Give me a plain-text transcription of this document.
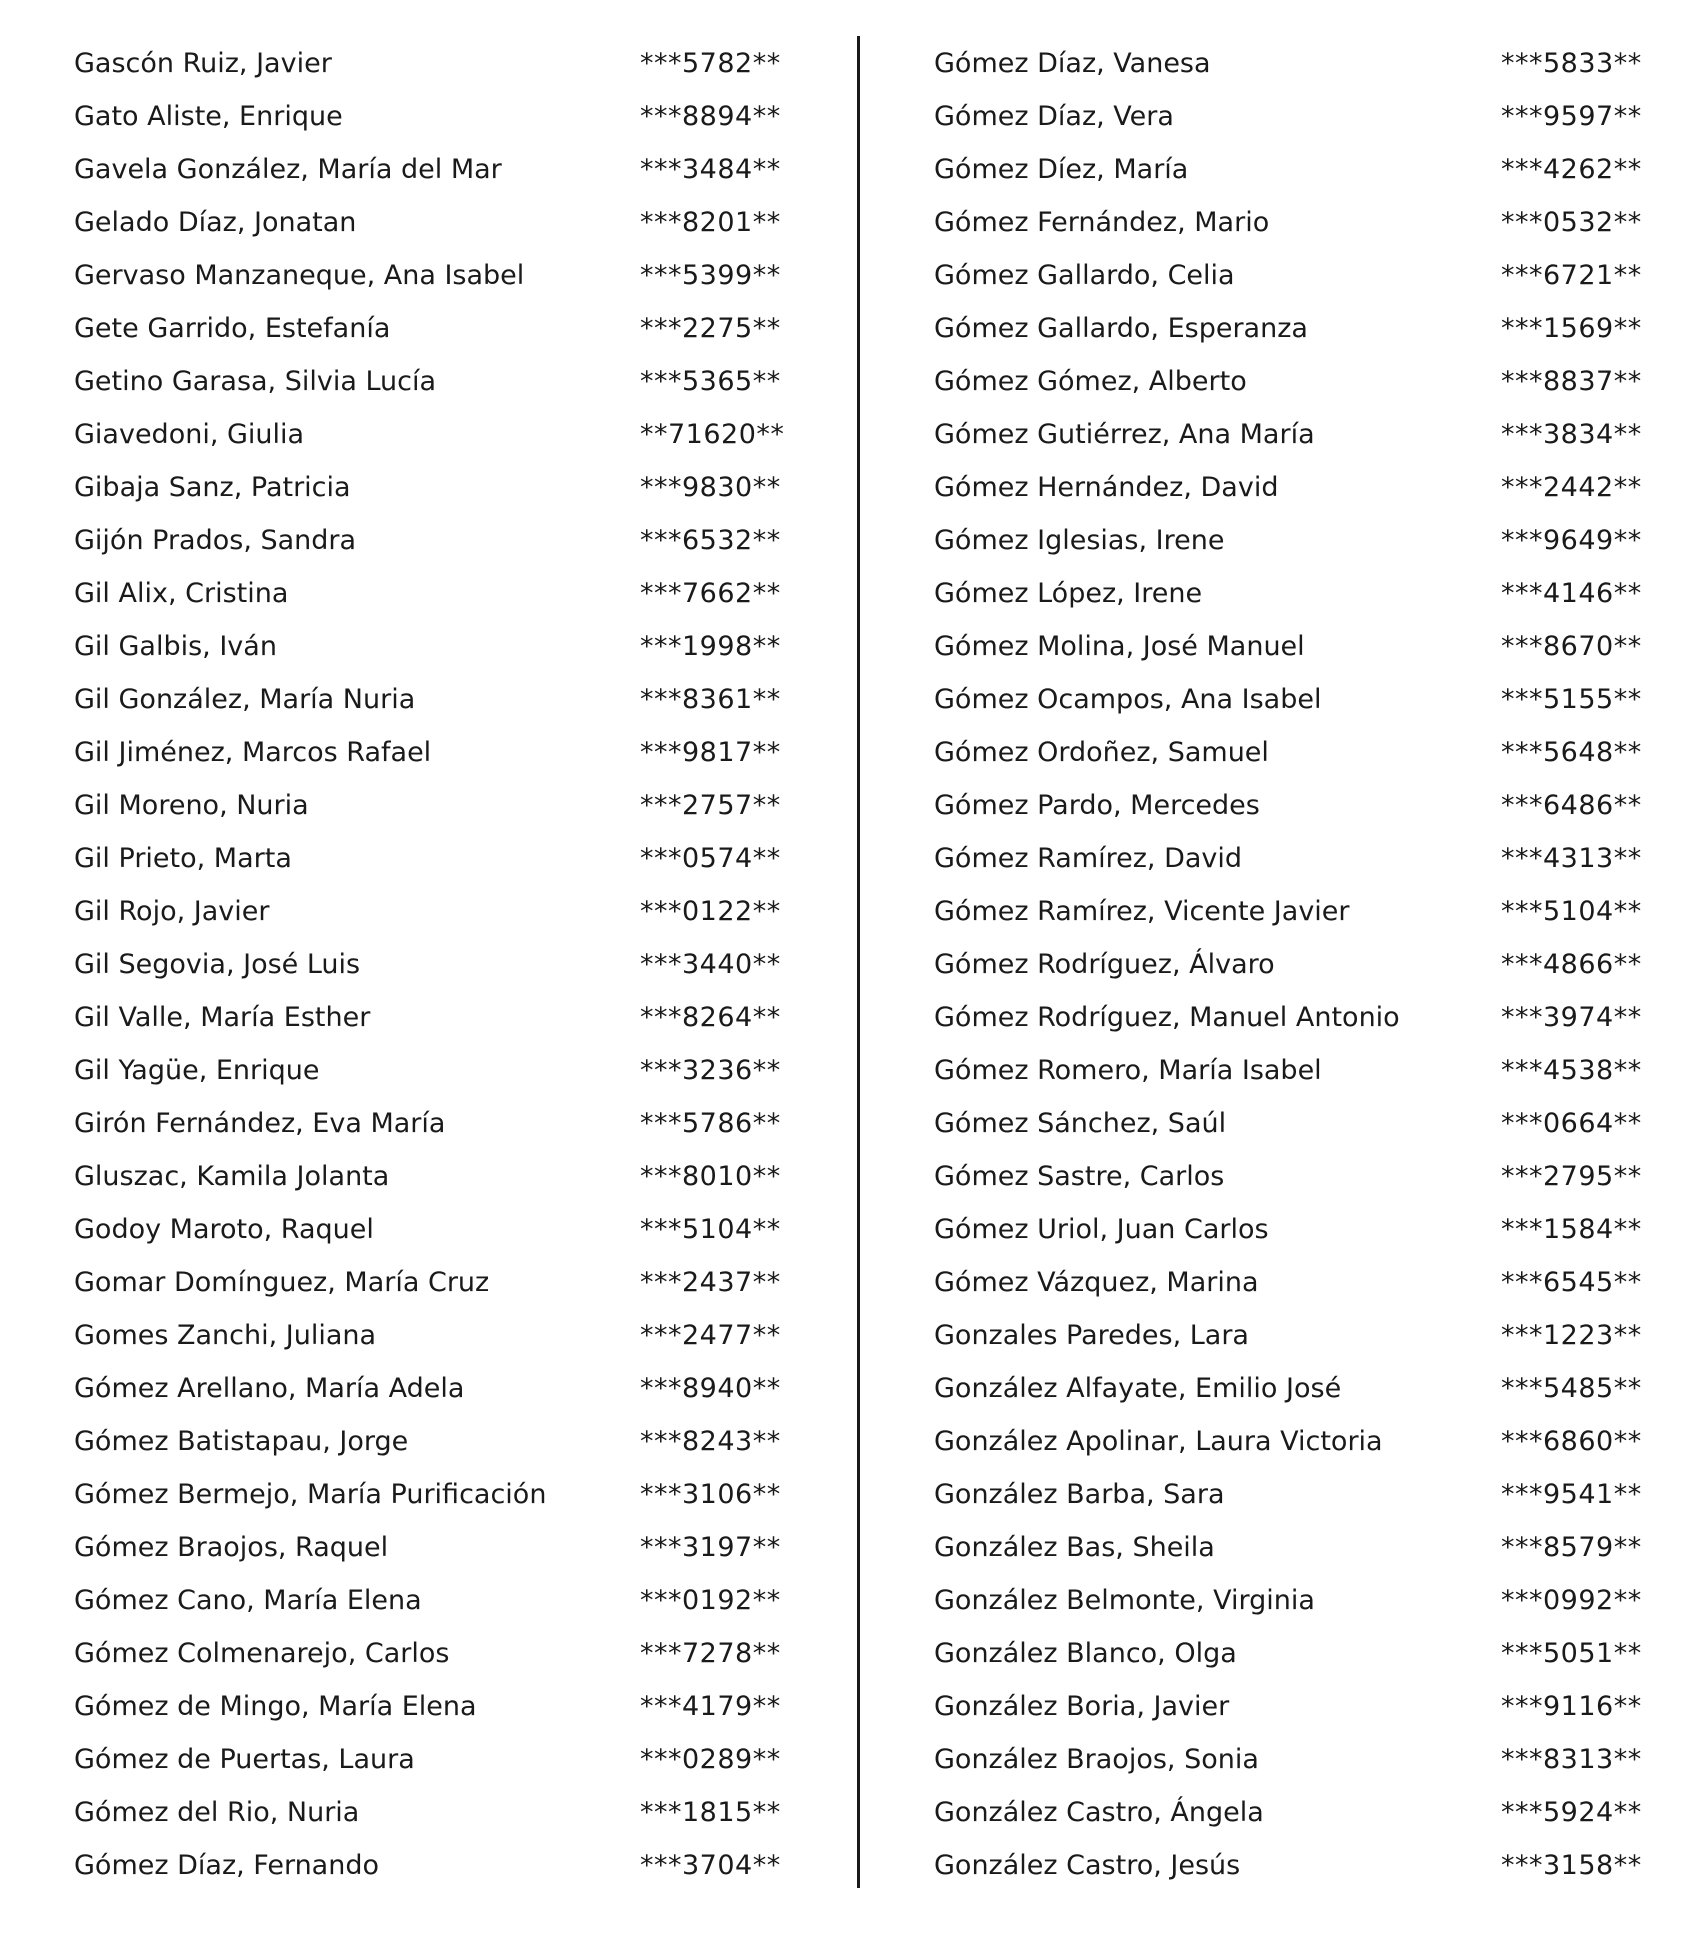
Gascón Ruiz, Javier	***5782**
Gato Aliste, Enrique	***8894**
Gavela González, María del Mar	***3484**
Gelado Díaz, Jonatan	***8201**
Gervaso Manzaneque, Ana Isabel	***5399**
Gete Garrido, Estefanía	***2275**
Getino Garasa, Silvia Lucía	***5365**
Giavedoni, Giulia	**71620**
Gibaja Sanz, Patricia	***9830**
Gijón Prados, Sandra	***6532**
Gil Alix, Cristina	***7662**
Gil Galbis, Iván	***1998**
Gil González, María Nuria	***8361**
Gil Jiménez, Marcos Rafael	***9817**
Gil Moreno, Nuria	***2757**
Gil Prieto, Marta	***0574**
Gil Rojo, Javier	***0122**
Gil Segovia, José Luis	***3440**
Gil Valle, María Esther	***8264**
Gil Yagüe, Enrique	***3236**
Girón Fernández, Eva María	***5786**
Gluszac, Kamila Jolanta	***8010**
Godoy Maroto, Raquel	***5104**
Gomar Domínguez, María Cruz	***2437**
Gomes Zanchi, Juliana	***2477**
Gómez Arellano, María Adela	***8940**
Gómez Batistapau, Jorge	***8243**
Gómez Bermejo, María Purificación	***3106**
Gómez Braojos, Raquel	***3197**
Gómez Cano, María Elena	***0192**
Gómez Colmenarejo, Carlos	***7278**
Gómez de Mingo, María Elena	***4179**
Gómez de Puertas, Laura	***0289**
Gómez del Rio, Nuria	***1815**
Gómez Díaz, Fernando	***3704**
Gómez Díaz, Vanesa	***5833**
Gómez Díaz, Vera	***9597**
Gómez Díez, María	***4262**
Gómez Fernández, Mario	***0532**
Gómez Gallardo, Celia	***6721**
Gómez Gallardo, Esperanza	***1569**
Gómez Gómez, Alberto	***8837**
Gómez Gutiérrez, Ana María	***3834**
Gómez Hernández, David	***2442**
Gómez Iglesias, Irene	***9649**
Gómez López, Irene	***4146**
Gómez Molina, José Manuel	***8670**
Gómez Ocampos, Ana Isabel	***5155**
Gómez Ordoñez, Samuel	***5648**
Gómez Pardo, Mercedes	***6486**
Gómez Ramírez, David	***4313**
Gómez Ramírez, Vicente Javier	***5104**
Gómez Rodríguez, Álvaro	***4866**
Gómez Rodríguez, Manuel Antonio	***3974**
Gómez Romero, María Isabel	***4538**
Gómez Sánchez, Saúl	***0664**
Gómez Sastre, Carlos	***2795**
Gómez Uriol, Juan Carlos	***1584**
Gómez Vázquez, Marina	***6545**
Gonzales Paredes, Lara	***1223**
González Alfayate, Emilio José	***5485**
González Apolinar, Laura Victoria	***6860**
González Barba, Sara	***9541**
González Bas, Sheila	***8579**
González Belmonte, Virginia	***0992**
González Blanco, Olga	***5051**
González Boria, Javier	***9116**
González Braojos, Sonia	***8313**
González Castro, Ángela	***5924**
González Castro, Jesús	***3158**
